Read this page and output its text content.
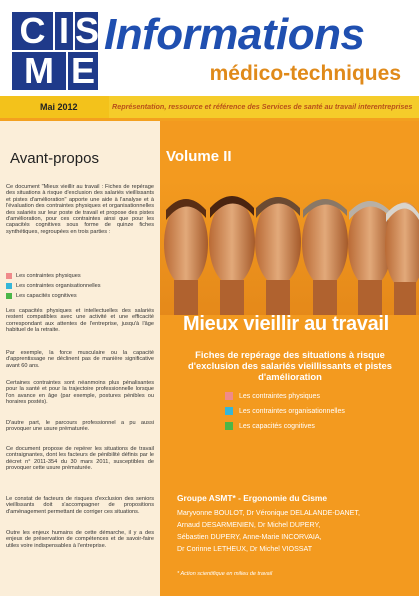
C I S
M E
Informations
médico-techniques
Mai 2012	Représentation, ressource et référence des Services de santé au travail interentreprises
Avant-propos
Ce document "Mieux vieillir au travail : Fiches de repérage des situations à risque d'exclusion des salariés vieillissants et pistes d'amélioration" apporte une aide à l'analyse et à l'évaluation des contraintes physiques et organisationnelles des salariés sur leur poste de travail et propose des pistes d'amélioration, pour ces contraintes ainsi que pour les capacités cognitives sous forme de quinze fiches synthétiques, regroupées en trois parties :
Les contraintes physiques
Les contraintes organisationnelles
Les capacités cognitives
Les capacités physiques et intellectuelles des salariés restent compatibles avec une activité et une efficacité correspondant aux attentes de l'entreprise, jusqu'à l'âge habituel de la retraite.
Par exemple, la force musculaire ou la capacité d'apprentissage ne déclinent pas de manière significative avant 60 ans.
Certaines contraintes sont néanmoins plus pénalisantes pour la santé et pour la trajectoire professionnelle lorsque l'on avance en âge (par exemple, postures pénibles ou horaires postés).
D'autre part, le parcours professionnel a pu aussi provoquer une usure prématurée.
Ce document propose de repérer les situations de travail contraignantes, dont les facteurs de pénibilité définis par le décret n° 2011-354 du 30 mars 2011, susceptibles de provoquer cette usure prématurée.
Le constat de facteurs de risques d'exclusion des seniors vieillissants doit s'accompagner de propositions d'aménagement permettant de corriger ces situations.
Outre les enjeux humains de cette démarche, il y a des enjeux de préservation de compétences et de savoir-faire utiles voire indispensables à l'entreprise.
Volume II
Mieux vieillir au travail
Fiches de repérage des situations à risque d'exclusion des salariés vieillissants et pistes d'amélioration
Les contraintes physiques
Les contraintes organisationnelles
Les capacités cognitives
Groupe ASMT* - Ergonomie du Cisme
Maryvonne BOULOT, Dr Véronique DELALANDE-DANET,
Arnaud DESARMENIEN, Dr Michel DUPERY,
Sébastien DUPERY, Anne-Marie INCORVAIA,
Dr Corinne LETHEUX, Dr Michel VIOSSAT
* Action scientifique en milieu de travail
